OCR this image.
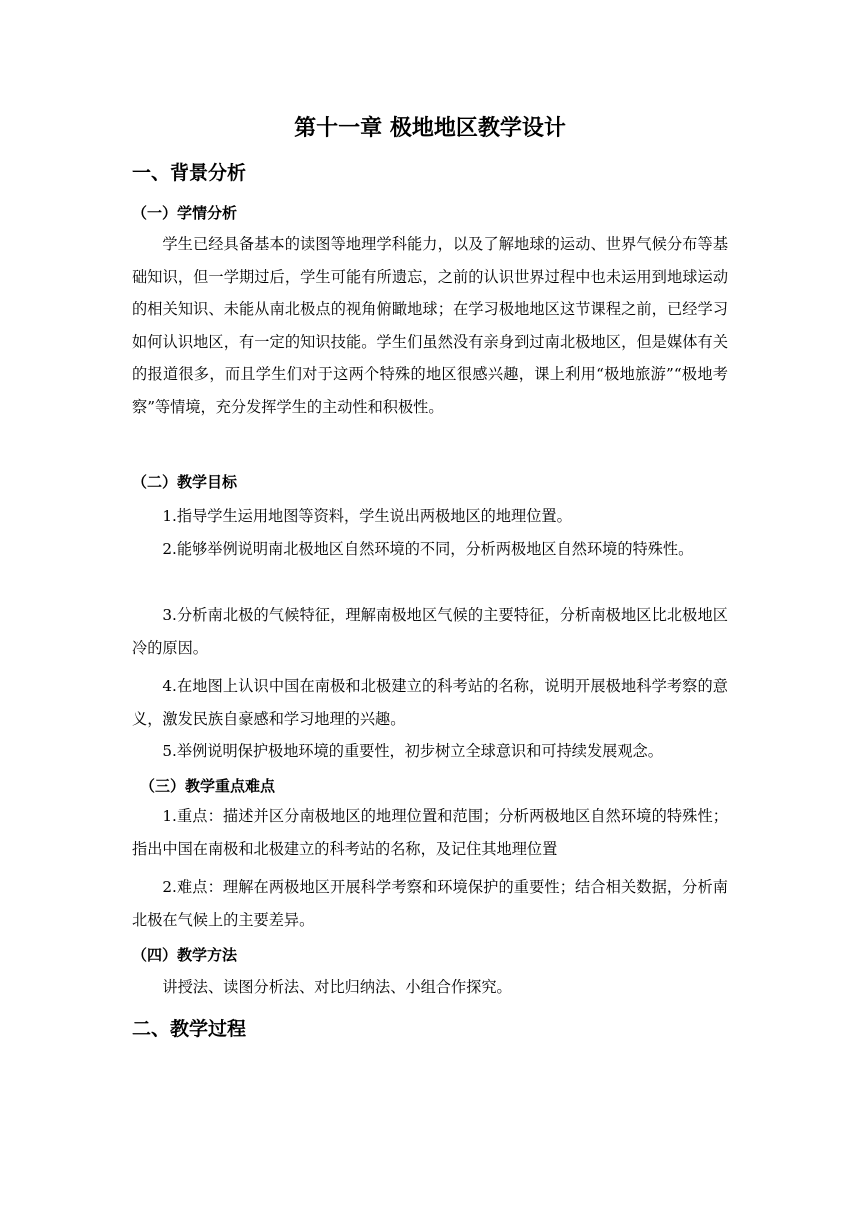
第十一章 极地地区教学设计
一、背景分析
（一）学情分析

学生已经具备基本的读图等地理学科能力，以及了解地球的运动、世界气候分布等基础知识，但一学期过后，学生可能有所遗忘，之前的认识世界过程中也未运用到地球运动的相关知识、未能从南北极点的视角俯瞰地球；在学习极地地区这节课程之前，已经学习如何认识地区，有一定的知识技能。学生们虽然没有亲身到过南北极地区，但是媒体有关的报道很多，而且学生们对于这两个特殊的地区很感兴趣，课上利用“极地旅游”“极地考察”等情境，充分发挥学生的主动性和积极性。

（二）教学目标

1.指导学生运用地图等资料，学生说出两极地区的地理位置。

2.能够举例说明南北极地区自然环境的不同，分析两极地区自然环境的特殊性。

3.分析南北极的气候特征，理解南极地区气候的主要特征，分析南极地区比北极地区冷的原因。

4.在地图上认识中国在南极和北极建立的科考站的名称，说明开展极地科学考察的意义，激发民族自豪感和学习地理的兴趣。

5.举例说明保护极地环境的重要性，初步树立全球意识和可持续发展观念。

（三）教学重点难点

1.重点：描述并区分南极地区的地理位置和范围；分析两极地区自然环境的特殊性；指出中国在南极和北极建立的科考站的名称，及记住其地理位置

2.难点：理解在两极地区开展科学考察和环境保护的重要性；结合相关数据，分析南北极在气候上的主要差异。

（四）教学方法

讲授法、读图分析法、对比归纳法、小组合作探究。

二、教学过程
